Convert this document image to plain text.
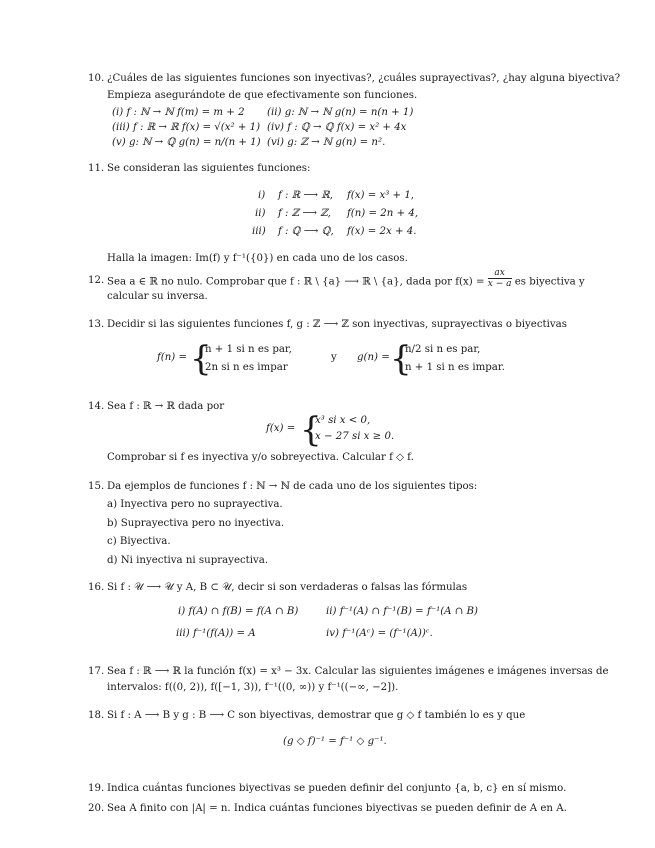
10. ¿Cuáles de las siguientes funciones son inyectivas?, ¿cuáles suprayectivas?, ¿hay alguna biyectiva?
Empieza asegurándote de que efectivamente son funciones.
(i) f : ℕ → ℕ f(m) = m + 2 (ii) g: ℕ → ℕ g(n) = n(n + 1)
(iii) f : ℝ → ℝ f(x) = √(x² + 1) (iv) f : ℚ → ℚ f(x) = x² + 4x
(v) g: ℕ → ℚ g(n) = n/(n + 1) (vi) g: ℤ → ℕ g(n) = n².
11. Se consideran las siguientes funciones:
i) f : ℝ ⟶ ℝ, f(x) = x³ + 1,
ii) f : ℤ ⟶ ℤ, f(n) = 2n + 4,
iii) f : ℚ ⟶ ℚ, f(x) = 2x + 4.
Halla la imagen: Im(f) y f⁻¹({0}) en cada uno de los casos.
12. Sea a ∈ ℝ no nulo. Comprobar que f : ℝ \ {a} ⟶ ℝ \ {a}, dada por $f(x) = \frac{ax}{x - a}$ es biyectiva y
calcular su inversa.
13. Decidir si las siguientes funciones f, g : ℤ ⟶ ℤ son inyectivas, suprayectivas o biyectivas
f(n) = {
n + 1 si n es par,
2n si n es impar
y g(n) = {
n/2 si n es par,
n + 1 si n es impar.
14. Sea f : ℝ → ℝ dada por
f(x) = {
x³ si x < 0,
x − 27 si x ≥ 0.
Comprobar si f es inyectiva y/o sobreyectiva. Calcular f ◇ f.
15. Da ejemplos de funciones f : ℕ → ℕ de cada uno de los siguientes tipos:
a) Inyectiva pero no suprayectiva.
b) Suprayectiva pero no inyectiva.
c) Biyectiva.
d) Ni inyectiva ni suprayectiva.
16. Si f : 𝒰 ⟶ 𝒰 y A, B ⊂ 𝒰, decir si son verdaderas o falsas las fórmulas
i) f(A) ∩ f(B) = f(A ∩ B)	ii) f⁻¹(A) ∩ f⁻¹(B) = f⁻¹(A ∩ B)
iii) f⁻¹(f(A)) = A	iv) f⁻¹(Aᶜ) = (f⁻¹(A))ᶜ.
17. Sea f : ℝ ⟶ ℝ la función f(x) = x³ − 3x. Calcular las siguientes imágenes e imágenes inversas de
intervalos: f((0, 2)), f([−1, 3)), f⁻¹((0, ∞)) y f⁻¹((−∞, −2]).
18. Si f : A ⟶ B y g : B ⟶ C son biyectivas, demostrar que g ◇ f también lo es y que
(g ◇ f)⁻¹ = f⁻¹ ◇ g⁻¹.
19. Indica cuántas funciones biyectivas se pueden definir del conjunto {a, b, c} en sí mismo.
20. Sea A finito con |A| = n. Indica cuántas funciones biyectivas se pueden definir de A en A.
